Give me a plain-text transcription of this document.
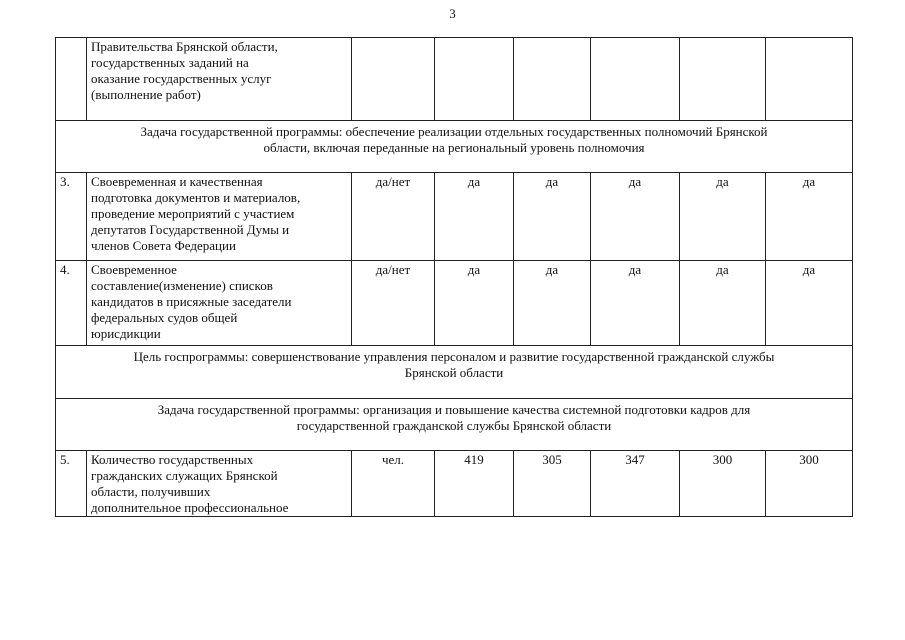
3

	Правительства Брянской области,
государственных заданий на
оказание государственных услуг
(выполнение работ)						

Задача государственной программы: обеспечение реализации отдельных государственных полномочий Брянской
области, включая переданные на региональный уровень полномочия							

3.	Своевременная и качественная
подготовка документов и материалов,
проведение мероприятий с участием
депутатов Государственной Думы и
членов Совета Федерации	да/нет	да	да	да	да	да
4.	Своевременное
составление(изменение) списков
кандидатов в присяжные заседатели
федеральных судов общей
юрисдикции	да/нет	да	да	да	да	да

Цель госпрограммы: совершенствование управления персоналом и развитие государственной гражданской службы
Брянской области							

Задача государственной программы: организация и повышение качества системной подготовки кадров для
государственной гражданской службы Брянской области							

5.	Количество государственных
гражданских служащих Брянской
области, получивших
дополнительное профессиональное	чел.	419	305	347	300	300
